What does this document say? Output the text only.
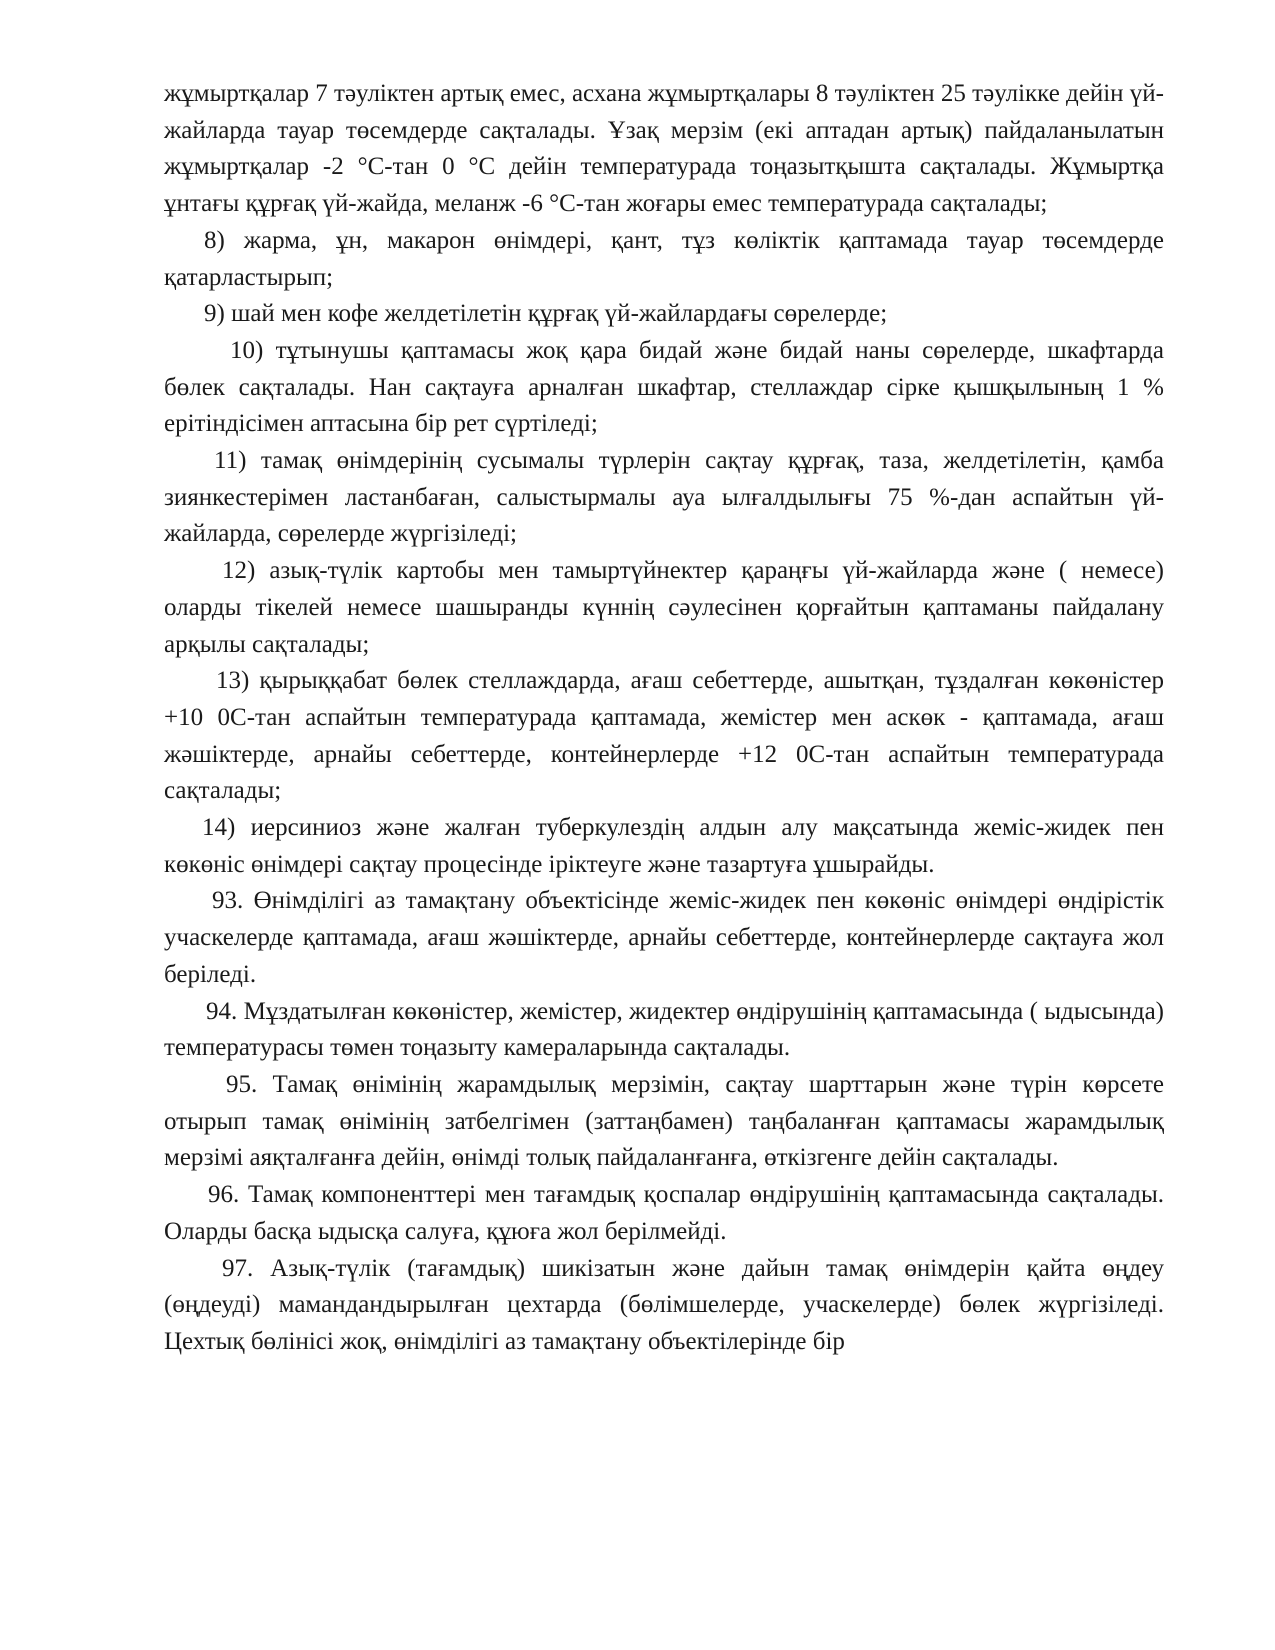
жұмыртқалар 7 тәуліктен артық емес, асхана жұмыртқалары 8 тәуліктен 25 тәулікке дейін үй-жайларда тауар төсемдерде сақталады. Ұзақ мерзім (екі аптадан артық) пайдаланылатын жұмыртқалар -2 °С-тан 0 °С дейін температурада тоңазытқышта сақталады. Жұмыртқа ұнтағы құрғақ үй-жайда, меланж -6 °С-тан жоғары емес температурада сақталады;

8) жарма, ұн, макарон өнімдері, қант, тұз көліктік қаптамада тауар төсемдерде қатарластырып;

9) шай мен кофе желдетілетін құрғақ үй-жайлардағы сөрелерде;

10) тұтынушы қаптамасы жоқ қара бидай және бидай наны сөрелерде, шкафтарда бөлек сақталады. Нан сақтауға арналған шкафтар, стеллаждар сірке қышқылының 1 % ерітіндісімен аптасына бір рет сүртіледі;

11) тамақ өнімдерінің сусымалы түрлерін сақтау құрғақ, таза, желдетілетін, қамба зиянкестерімен ластанбаған, салыстырмалы ауа ылғалдылығы 75 %-дан аспайтын үй-жайларда, сөрелерде жүргізіледі;

12) азық-түлік картобы мен тамыртүйнектер қараңғы үй-жайларда және ( немесе) оларды тікелей немесе шашыранды күннің сәулесінен қорғайтын қаптаманы пайдалану арқылы сақталады;

13) қырыққабат бөлек стеллаждарда, ағаш себеттерде, ашытқан, тұздалған көкөністер +10 0С-тан аспайтын температурада қаптамада, жемістер мен аскөк - қаптамада, ағаш жәшіктерде, арнайы себеттерде, контейнерлерде +12 0С-тан аспайтын температурада сақталады;

14) иерсиниоз және жалған туберкулездің алдын алу мақсатында жеміс-жидек пен көкөніс өнімдері сақтау процесінде іріктеуге және тазартуға ұшырайды.

93. Өнімділігі аз тамақтану объектісінде жеміс-жидек пен көкөніс өнімдері өндірістік учаскелерде қаптамада, ағаш жәшіктерде, арнайы себеттерде, контейнерлерде сақтауға жол беріледі.

94. Мұздатылған көкөністер, жемістер, жидектер өндірушінің қаптамасында ( ыдысында) температурасы төмен тоңазыту камераларында сақталады.

95. Тамақ өнімінің жарамдылық мерзімін, сақтау шарттарын және түрін көрсете отырып тамақ өнімінің затбелгімен (заттаңбамен) таңбаланған қаптамасы жарамдылық мерзімі аяқталғанға дейін, өнімді толық пайдаланғанға, өткізгенге дейін сақталады.

96. Тамақ компоненттері мен тағамдық қоспалар өндірушінің қаптамасында сақталады. Оларды басқа ыдысқа салуға, құюға жол берілмейді.

97. Азық-түлік (тағамдық) шикізатын және дайын тамақ өнімдерін қайта өңдеу (өңдеуді) мамандандырылған цехтарда (бөлімшелерде, учаскелерде) бөлек жүргізіледі. Цехтық бөлінісі жоқ, өнімділігі аз тамақтану объектілерінде бір
